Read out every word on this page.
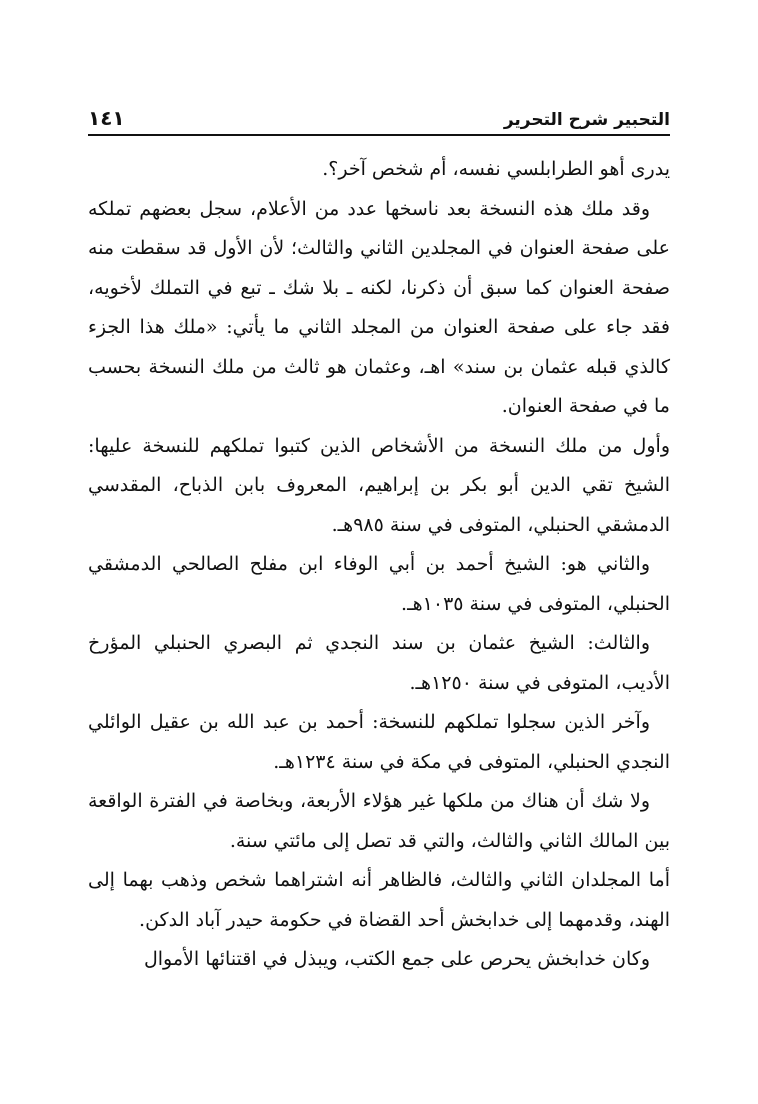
التحبير شرح التحرير
١٤١

يدرى أهو الطرابلسي نفسه، أم شخص آخر؟.

وقد ملك هذه النسخة بعد ناسخها عدد من الأعلام، سجل بعضهم تملكه على صفحة العنوان في المجلدين الثاني والثالث؛ لأن الأول قد سقطت منه صفحة العنوان كما سبق أن ذكرنا، لكنه ـ بلا شك ـ تبع في التملك لأخويه، فقد جاء على صفحة العنوان من المجلد الثاني ما يأتي: «ملك هذا الجزء كالذي قبله عثمان بن سند» اهـ، وعثمان هو ثالث من ملك النسخة بحسب ما في صفحة العنوان.

وأول من ملك النسخة من الأشخاص الذين كتبوا تملكهم للنسخة عليها: الشيخ تقي الدين أبو بكر بن إبراهيم، المعروف بابن الذباح، المقدسي الدمشقي الحنبلي، المتوفى في سنة ٩٨٥هـ.

والثاني هو: الشيخ أحمد بن أبي الوفاء ابن مفلح الصالحي الدمشقي الحنبلي، المتوفى في سنة ١٠٣٥هـ.

والثالث: الشيخ عثمان بن سند النجدي ثم البصري الحنبلي المؤرخ الأديب، المتوفى في سنة ١٢٥٠هـ.

وآخر الذين سجلوا تملكهم للنسخة: أحمد بن عبد الله بن عقيل الوائلي النجدي الحنبلي، المتوفى في مكة في سنة ١٢٣٤هـ.

ولا شك أن هناك من ملكها غير هؤلاء الأربعة، وبخاصة في الفترة الواقعة بين المالك الثاني والثالث، والتي قد تصل إلى مائتي سنة.

أما المجلدان الثاني والثالث، فالظاهر أنه اشتراهما شخص وذهب بهما إلى الهند، وقدمهما إلى خدابخش أحد القضاة في حكومة حيدر آباد الدكن.

وكان خدابخش يحرص على جمع الكتب، ويبذل في اقتنائها الأموال
